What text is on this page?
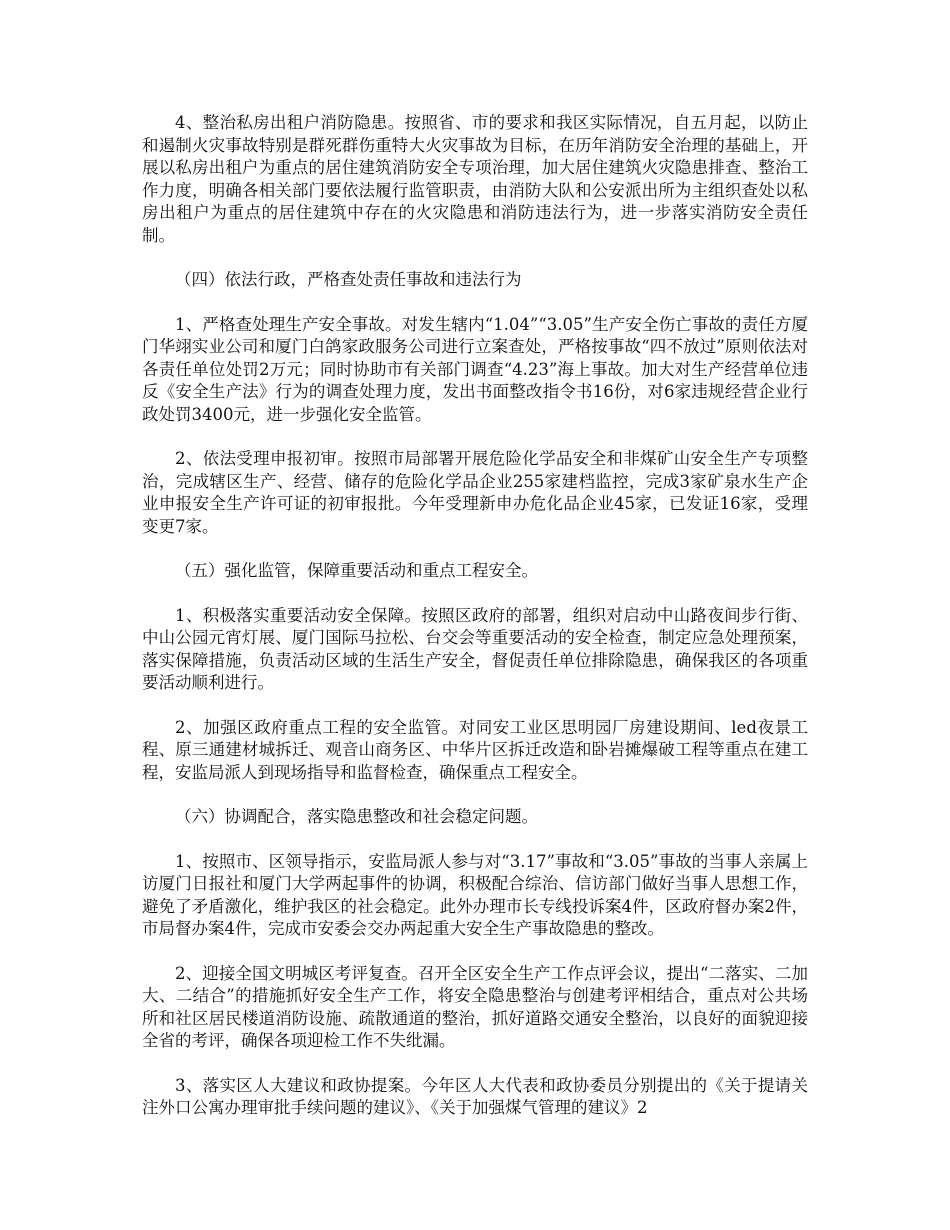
4、整治私房出租户消防隐患。按照省、市的要求和我区实际情况，自五月起，以防止和遏制火灾事故特别是群死群伤重特大火灾事故为目标，在历年消防安全治理的基础上，开展以私房出租户为重点的居住建筑消防安全专项治理，加大居住建筑火灾隐患排查、整治工作力度，明确各相关部门要依法履行监管职责，由消防大队和公安派出所为主组织查处以私房出租户为重点的居住建筑中存在的火灾隐患和消防违法行为，进一步落实消防安全责任制。

（四）依法行政，严格查处责任事故和违法行为

1、严格查处理生产安全事故。对发生辖内“1.04”“3.05”生产安全伤亡事故的责任方厦门华翊实业公司和厦门白鸽家政服务公司进行立案查处，严格按事故“四不放过”原则依法对各责任单位处罚2万元；同时协助市有关部门调查“4.23”海上事故。加大对生产经营单位违反《安全生产法》行为的调查处理力度，发出书面整改指令书16份，对6家违规经营企业行政处罚3400元，进一步强化安全监管。

2、依法受理申报初审。按照市局部署开展危险化学品安全和非煤矿山安全生产专项整治，完成辖区生产、经营、储存的危险化学品企业255家建档监控，完成3家矿泉水生产企业申报安全生产许可证的初审报批。今年受理新申办危化品企业45家，已发证16家，受理变更7家。

（五）强化监管，保障重要活动和重点工程安全。

1、积极落实重要活动安全保障。按照区政府的部署，组织对启动中山路夜间步行街、中山公园元宵灯展、厦门国际马拉松、台交会等重要活动的安全检查，制定应急处理预案，落实保障措施，负责活动区域的生活生产安全，督促责任单位排除隐患，确保我区的各项重要活动顺利进行。

2、加强区政府重点工程的安全监管。对同安工业区思明园厂房建设期间、led夜景工程、原三通建材城拆迁、观音山商务区、中华片区拆迁改造和卧岩摊爆破工程等重点在建工程，安监局派人到现场指导和监督检查，确保重点工程安全。

（六）协调配合，落实隐患整改和社会稳定问题。

1、按照市、区领导指示，安监局派人参与对“3.17”事故和“3.05”事故的当事人亲属上访厦门日报社和厦门大学两起事件的协调，积极配合综治、信访部门做好当事人思想工作，避免了矛盾激化，维护我区的社会稳定。此外办理市长专线投诉案4件，区政府督办案2件，市局督办案4件，完成市安委会交办两起重大安全生产事故隐患的整改。

2、迎接全国文明城区考评复查。召开全区安全生产工作点评会议，提出“二落实、二加大、二结合”的措施抓好安全生产工作，将安全隐患整治与创建考评相结合，重点对公共场所和社区居民楼道消防设施、疏散通道的整治，抓好道路交通安全整治，以良好的面貌迎接全省的考评，确保各项迎检工作不失纰漏。

3、落实区人大建议和政协提案。今年区人大代表和政协委员分别提出的《关于提请关注外口公寓办理审批手续问题的建议》、《关于加强煤气管理的建议》2
